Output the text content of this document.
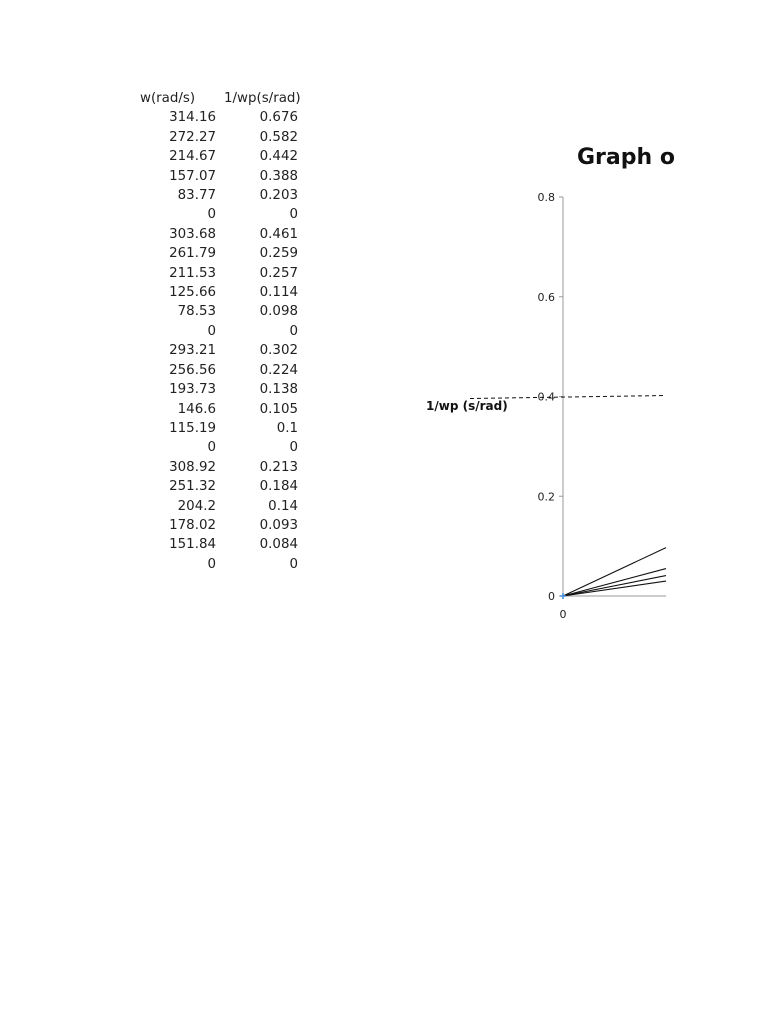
w(rad/s)	1/wp(s/rad)
314.16	0.676
272.27	0.582
214.67	0.442
157.07	0.388
83.77	0.203
0	0
303.68	0.461
261.79	0.259
211.53	0.257
125.66	0.114
78.53	0.098
0	0
293.21	0.302
256.56	0.224
193.73	0.138
146.6	0.105
115.19	0.1
0	0
308.92	0.213
251.32	0.184
204.2	0.14
178.02	0.093
151.84	0.084
0	0
Graph o
1/wp (s/rad)
0
0.2
0.4
0.6
0.8
0
